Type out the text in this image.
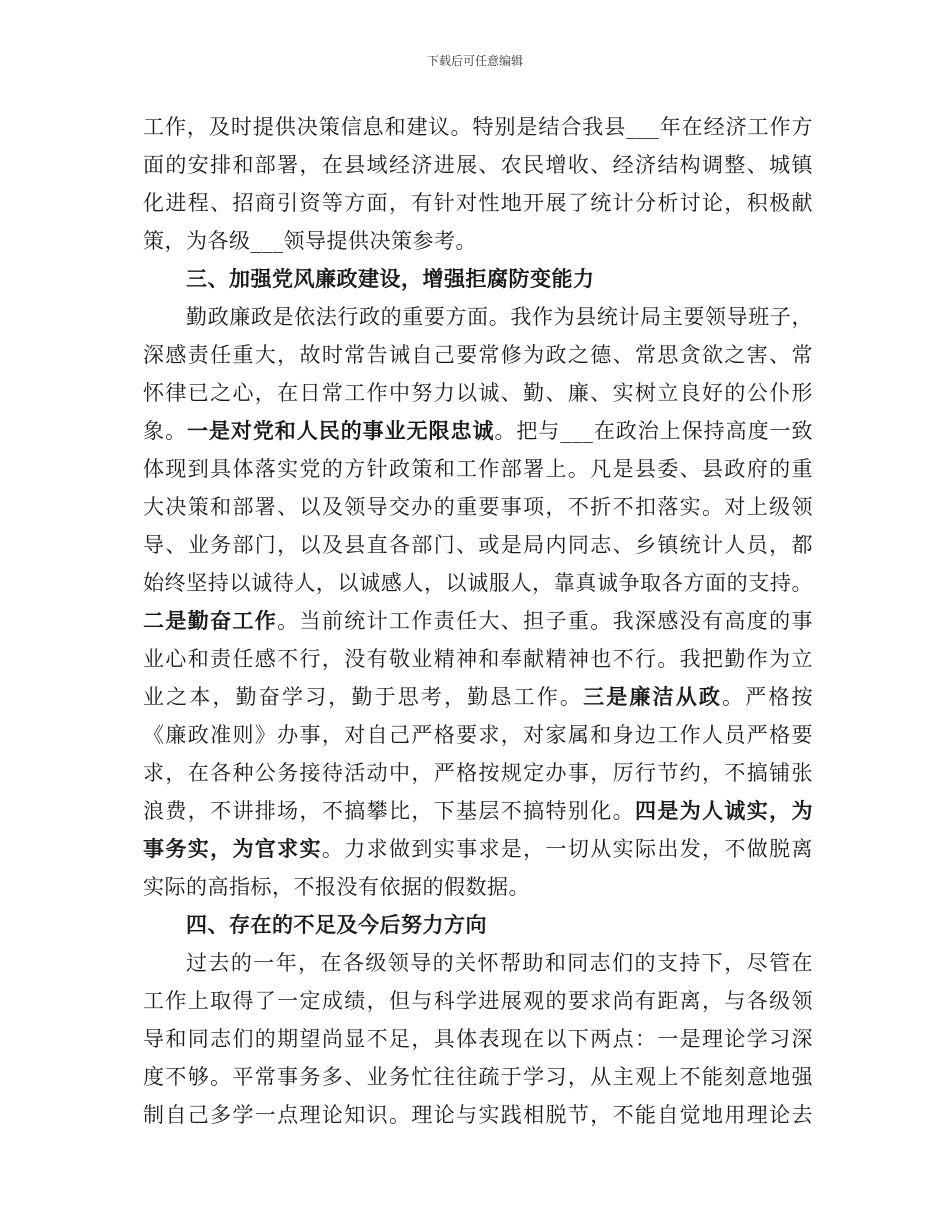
下载后可任意编辑
工作，及时提供决策信息和建议。特别是结合我县___年在经济工作方
面的安排和部署，在县域经济进展、农民增收、经济结构调整、城镇
化进程、招商引资等方面，有针对性地开展了统计分析讨论，积极献
策，为各级___领导提供决策参考。
三、加强党风廉政建设，增强拒腐防变能力
勤政廉政是依法行政的重要方面。我作为县统计局主要领导班子，
深感责任重大，故时常告诫自己要常修为政之德、常思贪欲之害、常
怀律已之心，在日常工作中努力以诚、勤、廉、实树立良好的公仆形
象。一是对党和人民的事业无限忠诚。把与___在政治上保持高度一致
体现到具体落实党的方针政策和工作部署上。凡是县委、县政府的重
大决策和部署、以及领导交办的重要事项，不折不扣落实。对上级领
导、业务部门，以及县直各部门、或是局内同志、乡镇统计人员，都
始终坚持以诚待人，以诚感人，以诚服人，靠真诚争取各方面的支持。
二是勤奋工作。当前统计工作责任大、担子重。我深感没有高度的事
业心和责任感不行，没有敬业精神和奉献精神也不行。我把勤作为立
业之本，勤奋学习，勤于思考，勤恳工作。三是廉洁从政。严格按
《廉政准则》办事，对自己严格要求，对家属和身边工作人员严格要
求，在各种公务接待活动中，严格按规定办事，厉行节约，不搞铺张
浪费，不讲排场，不搞攀比，下基层不搞特别化。四是为人诚实，为
事务实，为官求实。力求做到实事求是，一切从实际出发，不做脱离
实际的高指标，不报没有依据的假数据。
四、存在的不足及今后努力方向
过去的一年，在各级领导的关怀帮助和同志们的支持下，尽管在
工作上取得了一定成绩，但与科学进展观的要求尚有距离，与各级领
导和同志们的期望尚显不足，具体表现在以下两点：一是理论学习深
度不够。平常事务多、业务忙往往疏于学习，从主观上不能刻意地强
制自己多学一点理论知识。理论与实践相脱节，不能自觉地用理论去
